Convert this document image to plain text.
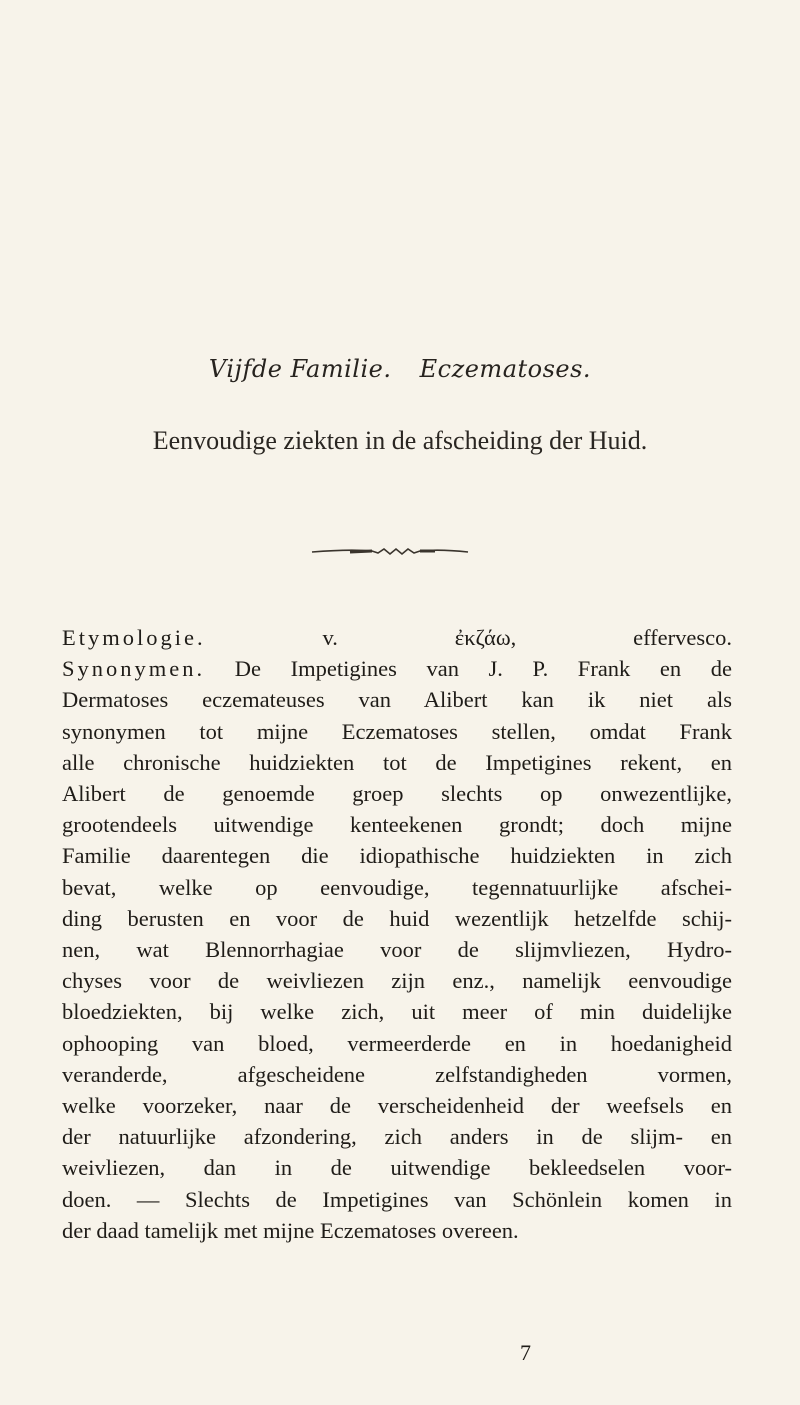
Vijfde Familie. Eczematoses.
Eenvoudige ziekten in de afscheiding der Huid.
Etymologie.	v. ἐκζάω, effervesco.
Synonymen. De Impetigines van J. P. Frank en de
Dermatoses eczemateuses van Alibert kan ik niet als
synonymen tot mijne Eczematoses stellen, omdat Frank
alle chronische huidziekten tot de Impetigines rekent, en
Alibert de genoemde groep slechts op onwezentlijke,
grootendeels uitwendige kenteekenen grondt; doch mijne
Familie daarentegen die idiopathische huidziekten in zich
bevat, welke op eenvoudige, tegennatuurlijke afschei-
ding berusten en voor de huid wezentlijk hetzelfde schij-
nen, wat Blennorrhagiae voor de slijmvliezen, Hydro-
chyses voor de weivliezen zijn enz., namelijk eenvoudige
bloedziekten, bij welke zich, uit meer of min duidelijke
ophooping van bloed, vermeerderde en in hoedanigheid
veranderde, afgescheidene zelfstandigheden vormen,
welke voorzeker, naar de verscheidenheid der weefsels en
der natuurlijke afzondering, zich anders in de slijm- en
weivliezen, dan in de uitwendige bekleedselen voor-
doen. — Slechts de Impetigines van Schönlein komen in
der daad tamelijk met mijne Eczematoses overeen.
7
